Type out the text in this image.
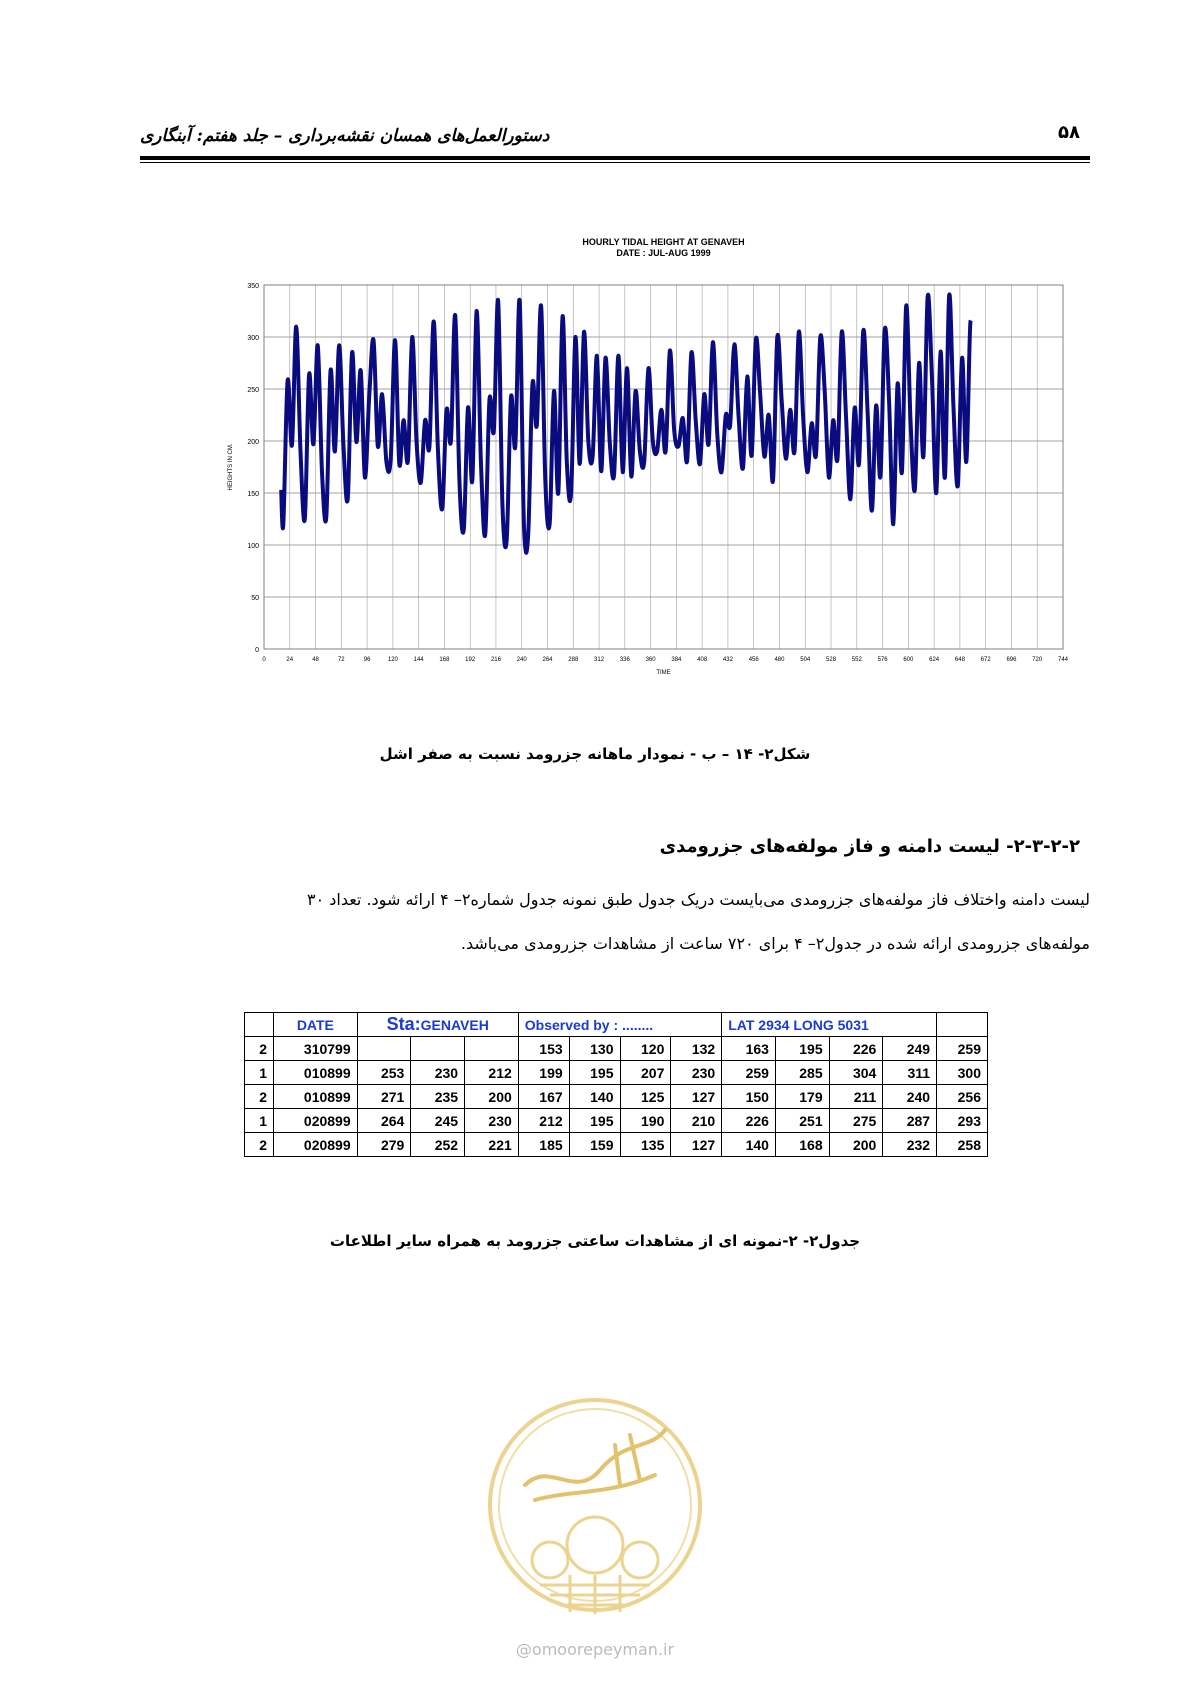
دستورالعمل‌های همسان نقشه‌برداری – جلد هفتم: آبنگاری	۵۸
HOURLY TIDAL HEIGHT AT GENAVEH
DATE : JUL-AUG 1999
0
50
100
150
200
250
300
350
0	24	48	72	96	120	144	168	192	216	240	264	288	312	336	360	384	408	432	456	480	504	528	552	576	600	624	648	672	696	720	744
TIME
HEIGHTS IN CM.
شکل۲- ۱۴ – ب - نمودار ماهانه جزرومد نسبت به صفر اشل
۲-۳-۲-۲- لیست دامنه و فاز مولفه‌های جزرومدی
لیست دامنه واختلاف فاز مولفه‌های جزرومدی می‌بایست دریک جدول طبق نمونه جدول شماره۲– ۴ ارائه شود. تعداد ۳۰
مولفه‌های جزرومدی ارائه شده در جدول۲– ۴ برای ۷۲۰ ساعت از مشاهدات جزرومدی می‌باشد.
	DATE	Sta:GENAVEH			Observed by : ........				LAT 2934 LONG 5031				
2	310799				153	130	120	132	163	195	226	249	259
1	010899	253	230	212	199	195	207	230	259	285	304	311	300
2	010899	271	235	200	167	140	125	127	150	179	211	240	256
1	020899	264	245	230	212	195	190	210	226	251	275	287	293
2	020899	279	252	221	185	159	135	127	140	168	200	232	258
جدول۲- ۲-نمونه ای از مشاهدات ساعتی جزرومد به همراه سایر اطلاعات
@omoorepeyman.ir
